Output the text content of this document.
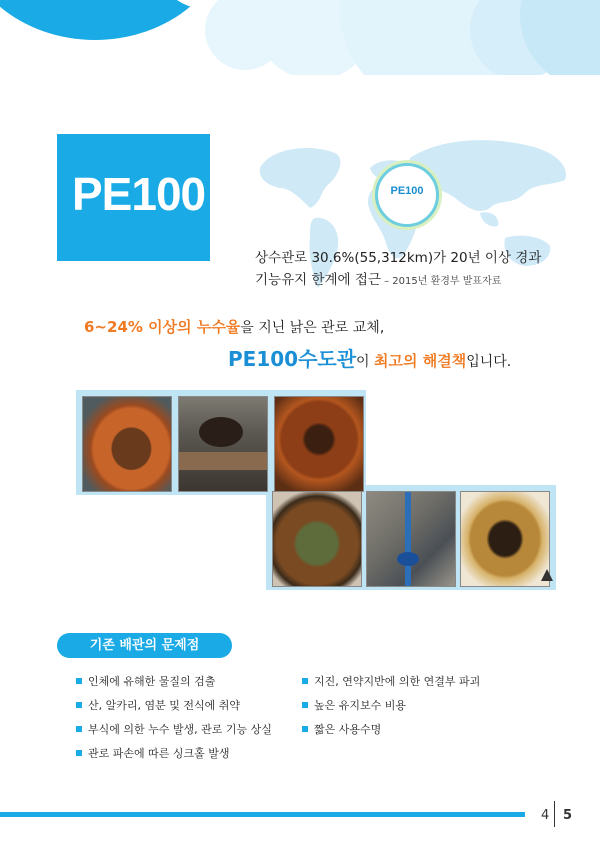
PE100	PE100
상수관로 30.6%(55,312km)가 20년 이상 경과
기능유지 한계에 접근 – 2015년 환경부 발표자료
6~24% 이상의 누수율을 지닌 낡은 관로 교체,
PE100수도관이 최고의 해결책입니다.
기존 배관의 문제점
인체에 유해한 물질의 검출
산, 알카리, 염분 및 전식에 취약
부식에 의한 누수 발생, 관로 기능 상실
관로 파손에 따른 싱크홀 발생
지진, 연약지반에 의한 연결부 파괴
높은 유지보수 비용
짧은 사용수명
4 5
